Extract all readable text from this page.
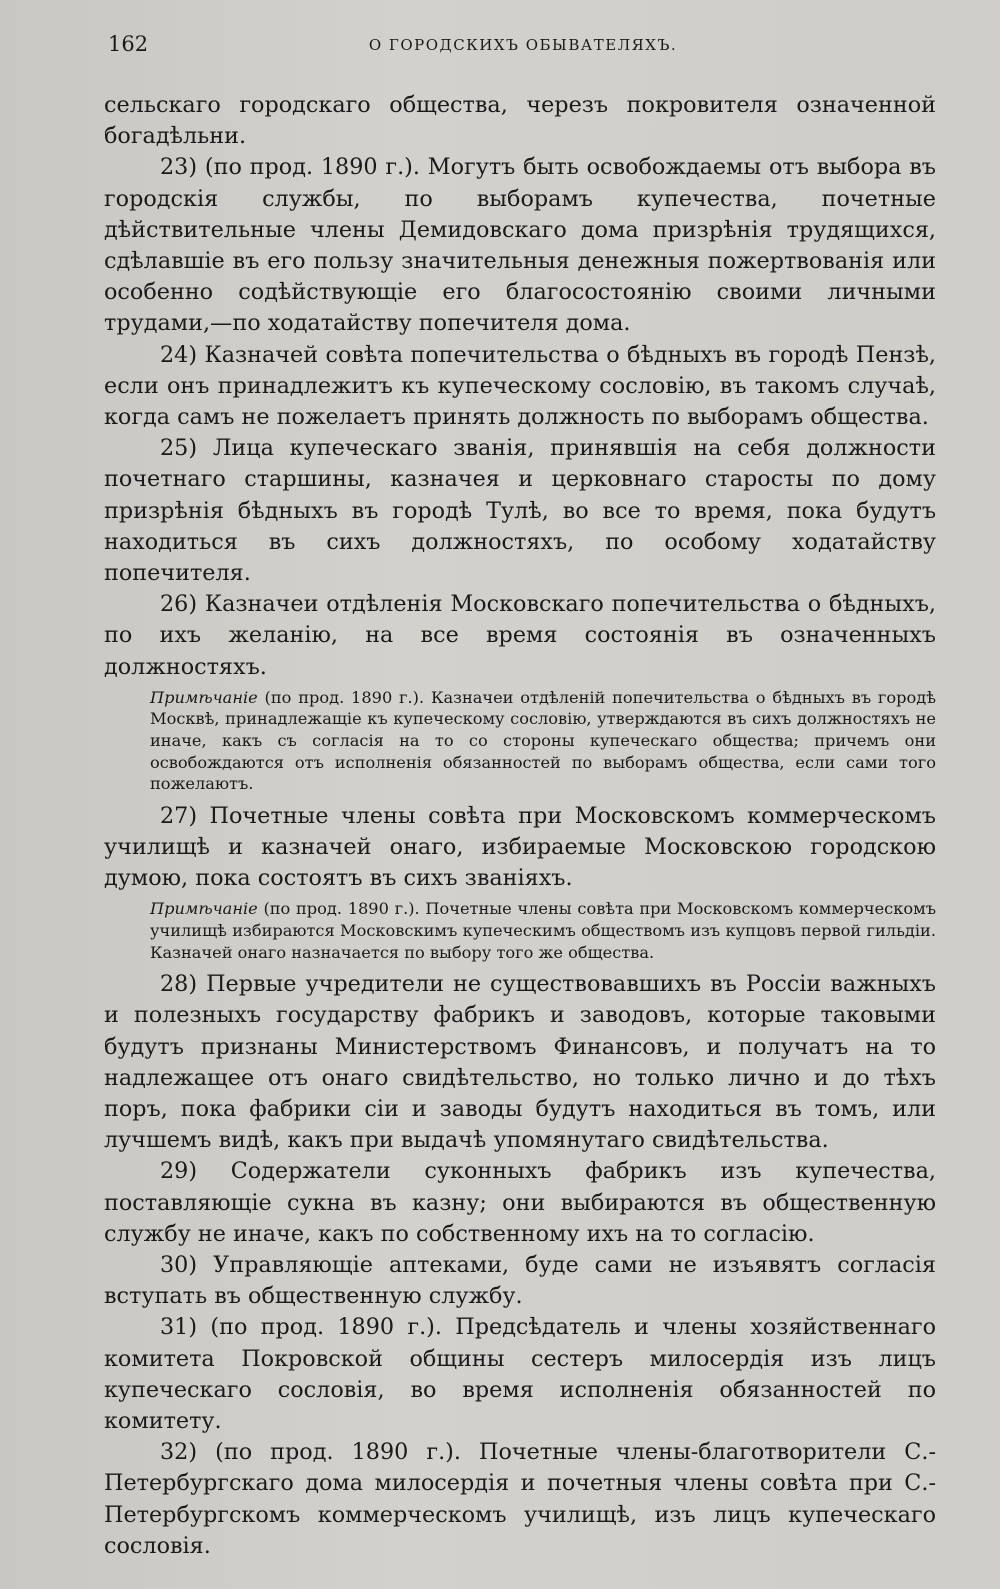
162	О ГОРОДСКИХЪ ОБЫВАТЕЛЯХЪ.

сельскаго городскаго общества, черезъ покровителя означенной богадѣльни.

23) (по прод. 1890 г.). Могутъ быть освобождаемы отъ выбора въ городскія службы, по выборамъ купечества, почетные дѣйствительные члены Демидовскаго дома призрѣнія трудящихся, сдѣлавшіе въ его пользу значительныя денежныя пожертвованія или особенно содѣйствующіе его благосостоянію своими личными трудами,—по ходатайству попечителя дома.

24) Казначей совѣта попечительства о бѣдныхъ въ городѣ Пензѣ, если онъ принадлежитъ къ купеческому сословію, въ такомъ случаѣ, когда самъ не пожелаетъ принять должность по выборамъ общества.

25) Лица купеческаго званія, принявшія на себя должности почетнаго старшины, казначея и церковнаго старосты по дому призрѣнія бѣдныхъ въ городѣ Тулѣ, во все то время, пока будутъ находиться въ сихъ должностяхъ, по особому ходатайству попечителя.

26) Казначеи отдѣленія Московскаго попечительства о бѣдныхъ, по ихъ желанію, на все время состоянія въ означенныхъ должностяхъ.

Примѣчаніе (по прод. 1890 г.). Казначеи отдѣленій попечительства о бѣдныхъ въ городѣ Москвѣ, принадлежащіе къ купеческому сословію, утверждаются въ сихъ должностяхъ не иначе, какъ съ согласія на то со стороны купеческаго общества; причемъ они освобождаются отъ исполненія обязанностей по выборамъ общества, если сами того пожелаютъ.

27) Почетные члены совѣта при Московскомъ коммерческомъ училищѣ и казначей онаго, избираемые Московскою городскою думою, пока состоятъ въ сихъ званіяхъ.

Примѣчаніе (по прод. 1890 г.). Почетные члены совѣта при Московскомъ коммерческомъ училищѣ избираются Московскимъ купеческимъ обществомъ изъ купцовъ первой гильдіи. Казначей онаго назначается по выбору того же общества.

28) Первые учредители не существовавшихъ въ Россіи важныхъ и полезныхъ государству фабрикъ и заводовъ, которые таковыми будутъ признаны Министерствомъ Финансовъ, и получатъ на то надлежащее отъ онаго свидѣтельство, но только лично и до тѣхъ поръ, пока фабрики сіи и заводы будутъ находиться въ томъ, или лучшемъ видѣ, какъ при выдачѣ упомянутаго свидѣтельства.

29) Содержатели суконныхъ фабрикъ изъ купечества, поставляющіе сукна въ казну; они выбираются въ общественную службу не иначе, какъ по собственному ихъ на то согласію.

30) Управляющіе аптеками, буде сами не изъявятъ согласія вступать въ общественную службу.

31) (по прод. 1890 г.). Предсѣдатель и члены хозяйственнаго комитета Покровской общины сестеръ милосердія изъ лицъ купеческаго сословія, во время исполненія обязанностей по комитету.

32) (по прод. 1890 г.). Почетные члены-благотворители С.-Петербургскаго дома милосердія и почетныя члены совѣта при С.-Петербургскомъ коммерческомъ училищѣ, изъ лицъ купеческаго сословія.
